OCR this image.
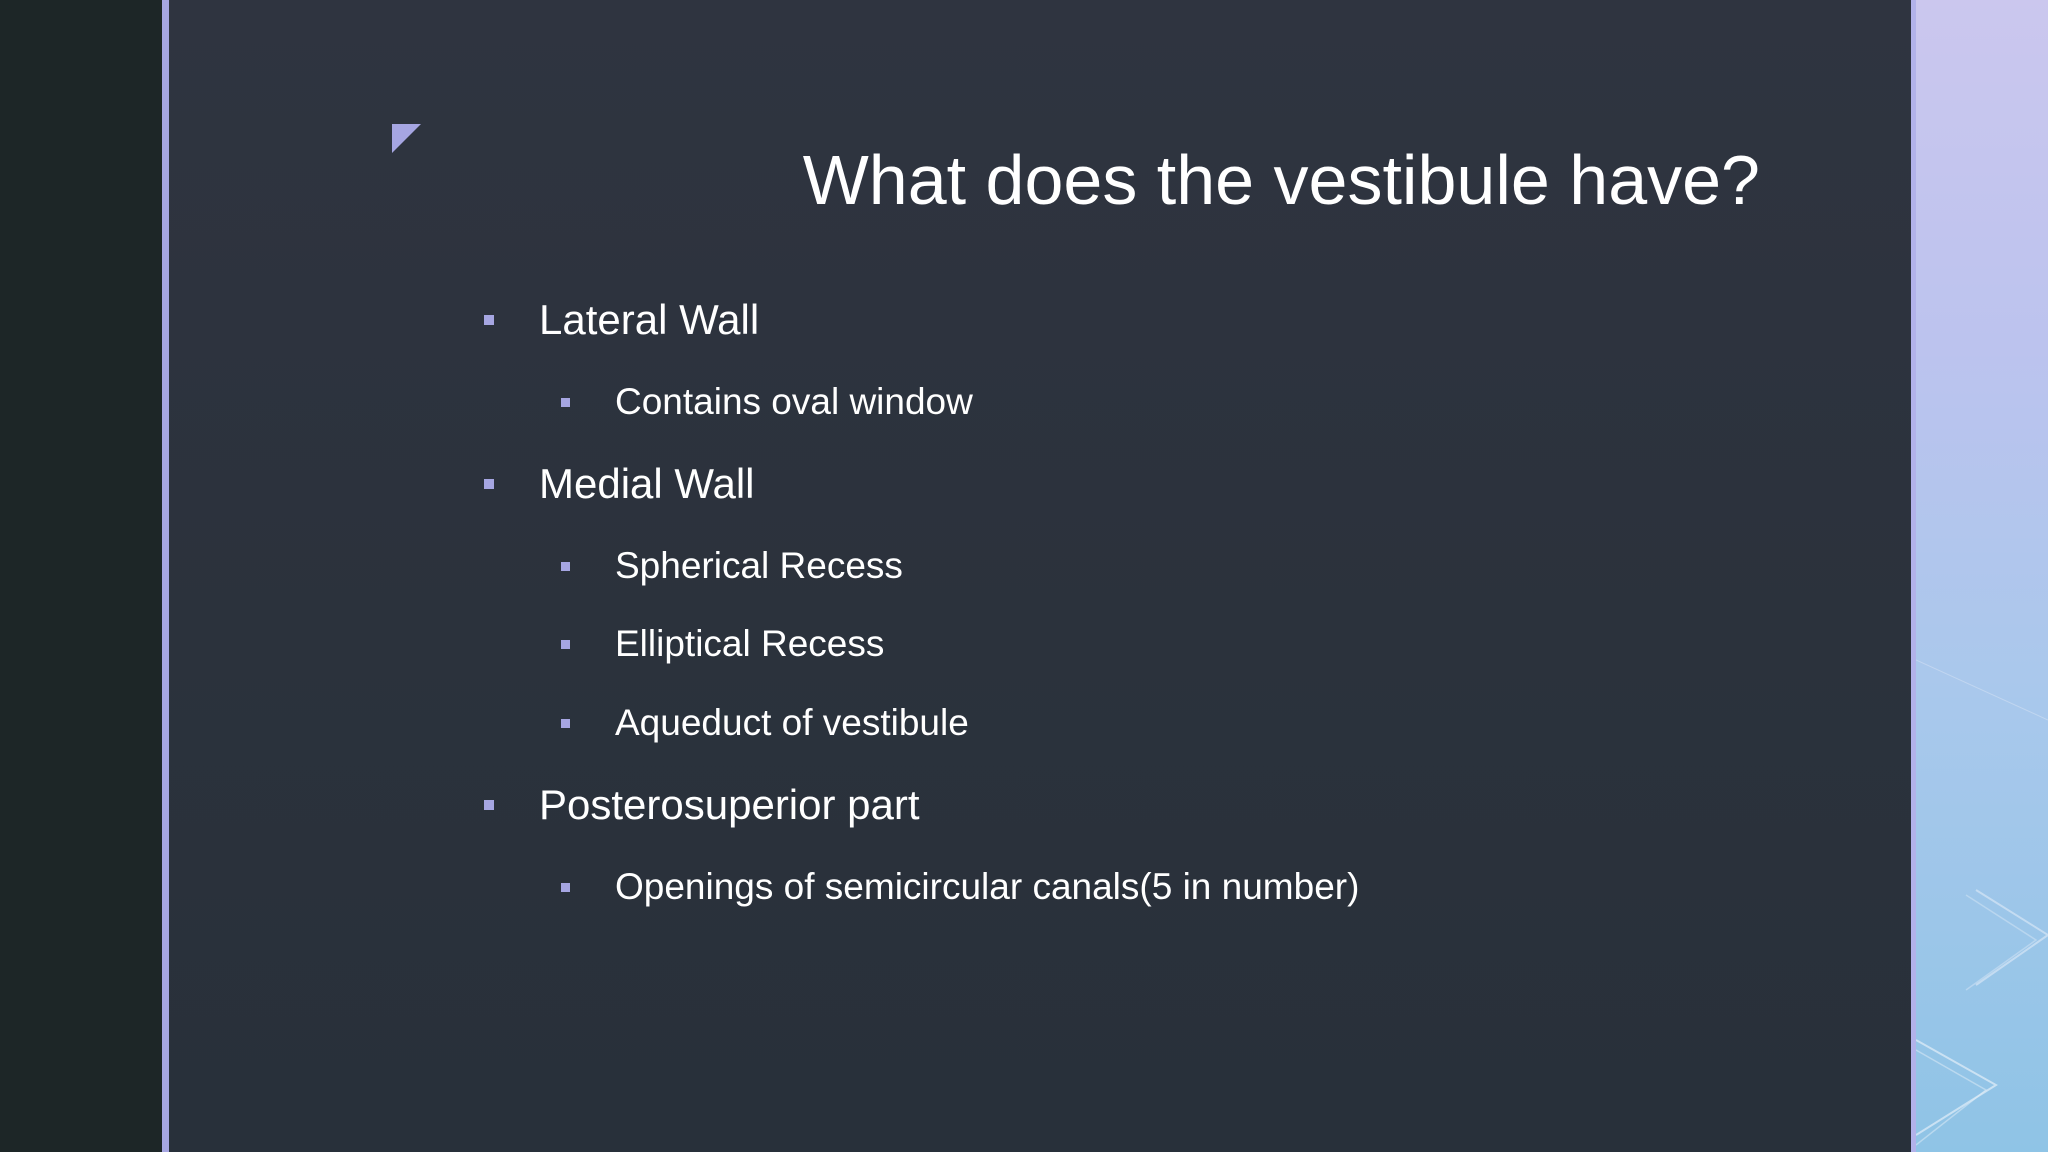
What does the vestibule have?
Lateral Wall
Contains oval window
Medial Wall
Spherical Recess
Elliptical Recess
Aqueduct of vestibule
Posterosuperior part
Openings of semicircular canals(5 in number)
